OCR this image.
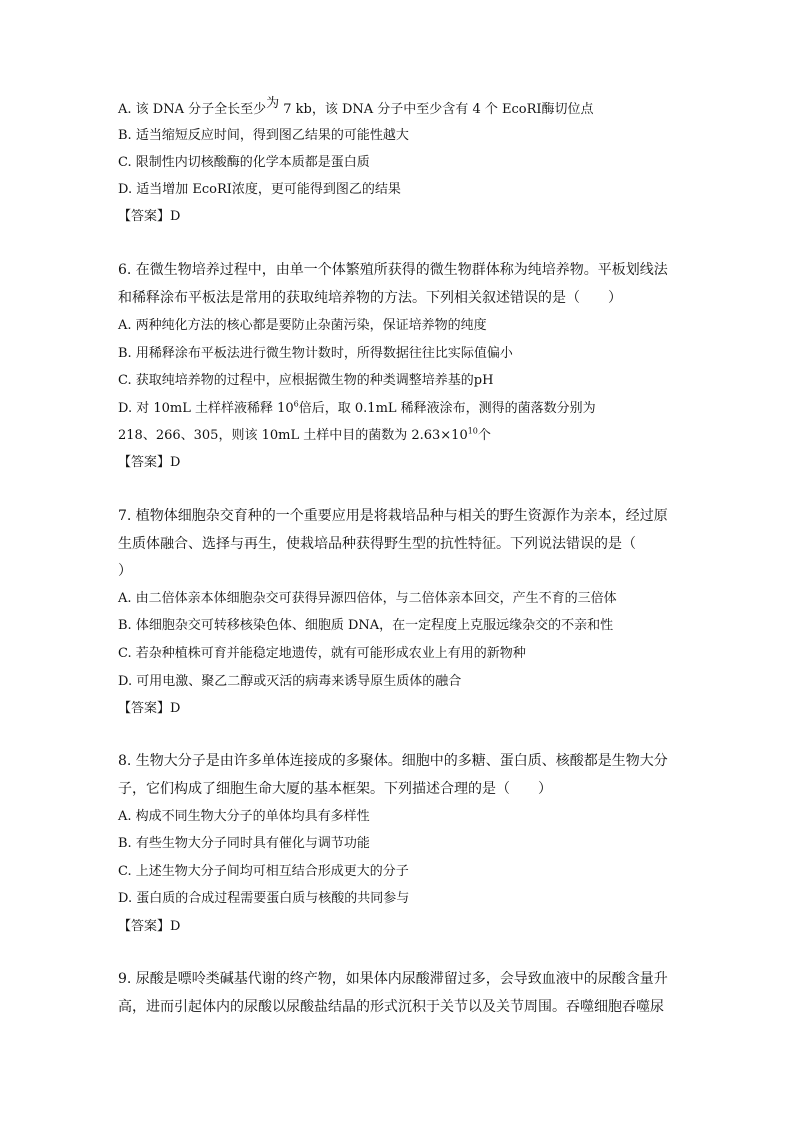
A. 该 DNA 分子全长至少为 7 kb，该 DNA 分子中至少含有 4 个 EcoRⅠ酶切位点
B. 适当缩短反应时间，得到图乙结果的可能性越大
C. 限制性内切核酸酶的化学本质都是蛋白质
D. 适当增加 EcoRⅠ浓度，更可能得到图乙的结果
【答案】D
6. 在微生物培养过程中，由单一个体繁殖所获得的微生物群体称为纯培养物。平板划线法
和稀释涂布平板法是常用的获取纯培养物的方法。下列相关叙述错误的是（　　）
A. 两种纯化方法的核心都是要防止杂菌污染，保证培养物的纯度
B. 用稀释涂布平板法进行微生物计数时，所得数据往往比实际值偏小
C. 获取纯培养物的过程中，应根据微生物的种类调整培养基的pH
D. 对 10mL 土样样液稀释 $10^6$倍后，取 0.1mL 稀释液涂布，测得的菌落数分别为
218、266、305，则该 10mL 土样中目的菌数为 $2.63\times 10^{10}$个
【答案】D
7. 植物体细胞杂交育种的一个重要应用是将栽培品种与相关的野生资源作为亲本，经过原
生质体融合、选择与再生，使栽培品种获得野生型的抗性特征。下列说法错误的是（
）
A. 由二倍体亲本体细胞杂交可获得异源四倍体，与二倍体亲本回交，产生不育的三倍体
B. 体细胞杂交可转移核染色体、细胞质 DNA，在一定程度上克服远缘杂交的不亲和性
C. 若杂种植株可育并能稳定地遗传，就有可能形成农业上有用的新物种
D. 可用电激、聚乙二醇或灭活的病毒来诱导原生质体的融合
【答案】D
8. 生物大分子是由许多单体连接成的多聚体。细胞中的多糖、蛋白质、核酸都是生物大分
子，它们构成了细胞生命大厦的基本框架。下列描述合理的是（　　）
A. 构成不同生物大分子的单体均具有多样性
B. 有些生物大分子同时具有催化与调节功能
C. 上述生物大分子间均可相互结合形成更大的分子
D. 蛋白质的合成过程需要蛋白质与核酸的共同参与
【答案】D
9. 尿酸是嘌呤类碱基代谢的终产物，如果体内尿酸滞留过多，会导致血液中的尿酸含量升
高，进而引起体内的尿酸以尿酸盐结晶的形式沉积于关节以及关节周围。吞噬细胞吞噬尿
